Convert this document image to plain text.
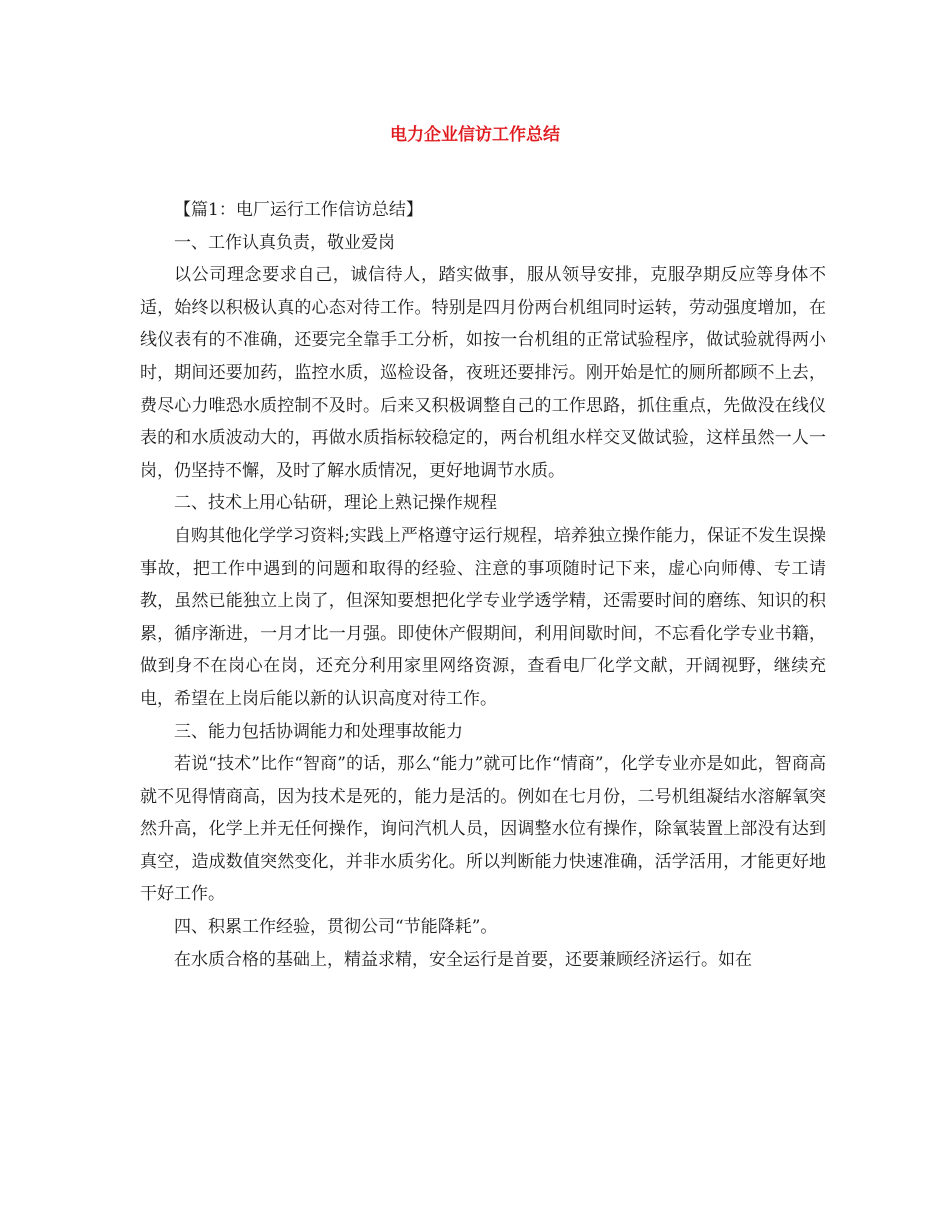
电力企业信访工作总结

【篇1：电厂运行工作信访总结】

一、工作认真负责，敬业爱岗

以公司理念要求自己，诚信待人，踏实做事，服从领导安排，克服孕期反应等身体不适，始终以积极认真的心态对待工作。特别是四月份两台机组同时运转，劳动强度增加，在线仪表有的不准确，还要完全靠手工分析，如按一台机组的正常试验程序，做试验就得两小时，期间还要加药，监控水质，巡检设备，夜班还要排污。刚开始是忙的厕所都顾不上去，费尽心力唯恐水质控制不及时。后来又积极调整自己的工作思路，抓住重点，先做没在线仪表的和水质波动大的，再做水质指标较稳定的，两台机组水样交叉做试验，这样虽然一人一岗，仍坚持不懈，及时了解水质情况，更好地调节水质。

二、技术上用心钻研，理论上熟记操作规程

自购其他化学学习资料;实践上严格遵守运行规程，培养独立操作能力，保证不发生误操事故，把工作中遇到的问题和取得的经验、注意的事项随时记下来，虚心向师傅、专工请教，虽然已能独立上岗了，但深知要想把化学专业学透学精，还需要时间的磨练、知识的积累，循序渐进，一月才比一月强。即使休产假期间，利用间歇时间，不忘看化学专业书籍，做到身不在岗心在岗，还充分利用家里网络资源，查看电厂化学文献，开阔视野，继续充电，希望在上岗后能以新的认识高度对待工作。

三、能力包括协调能力和处理事故能力

若说“技术”比作“智商”的话，那么“能力”就可比作“情商”，化学专业亦是如此，智商高就不见得情商高，因为技术是死的，能力是活的。例如在七月份，二号机组凝结水溶解氧突然升高，化学上并无任何操作，询问汽机人员，因调整水位有操作，除氧装置上部没有达到真空，造成数值突然变化，并非水质劣化。所以判断能力快速准确，活学活用，才能更好地干好工作。

四、积累工作经验，贯彻公司“节能降耗”。

在水质合格的基础上，精益求精，安全运行是首要，还要兼顾经济运行。如在
